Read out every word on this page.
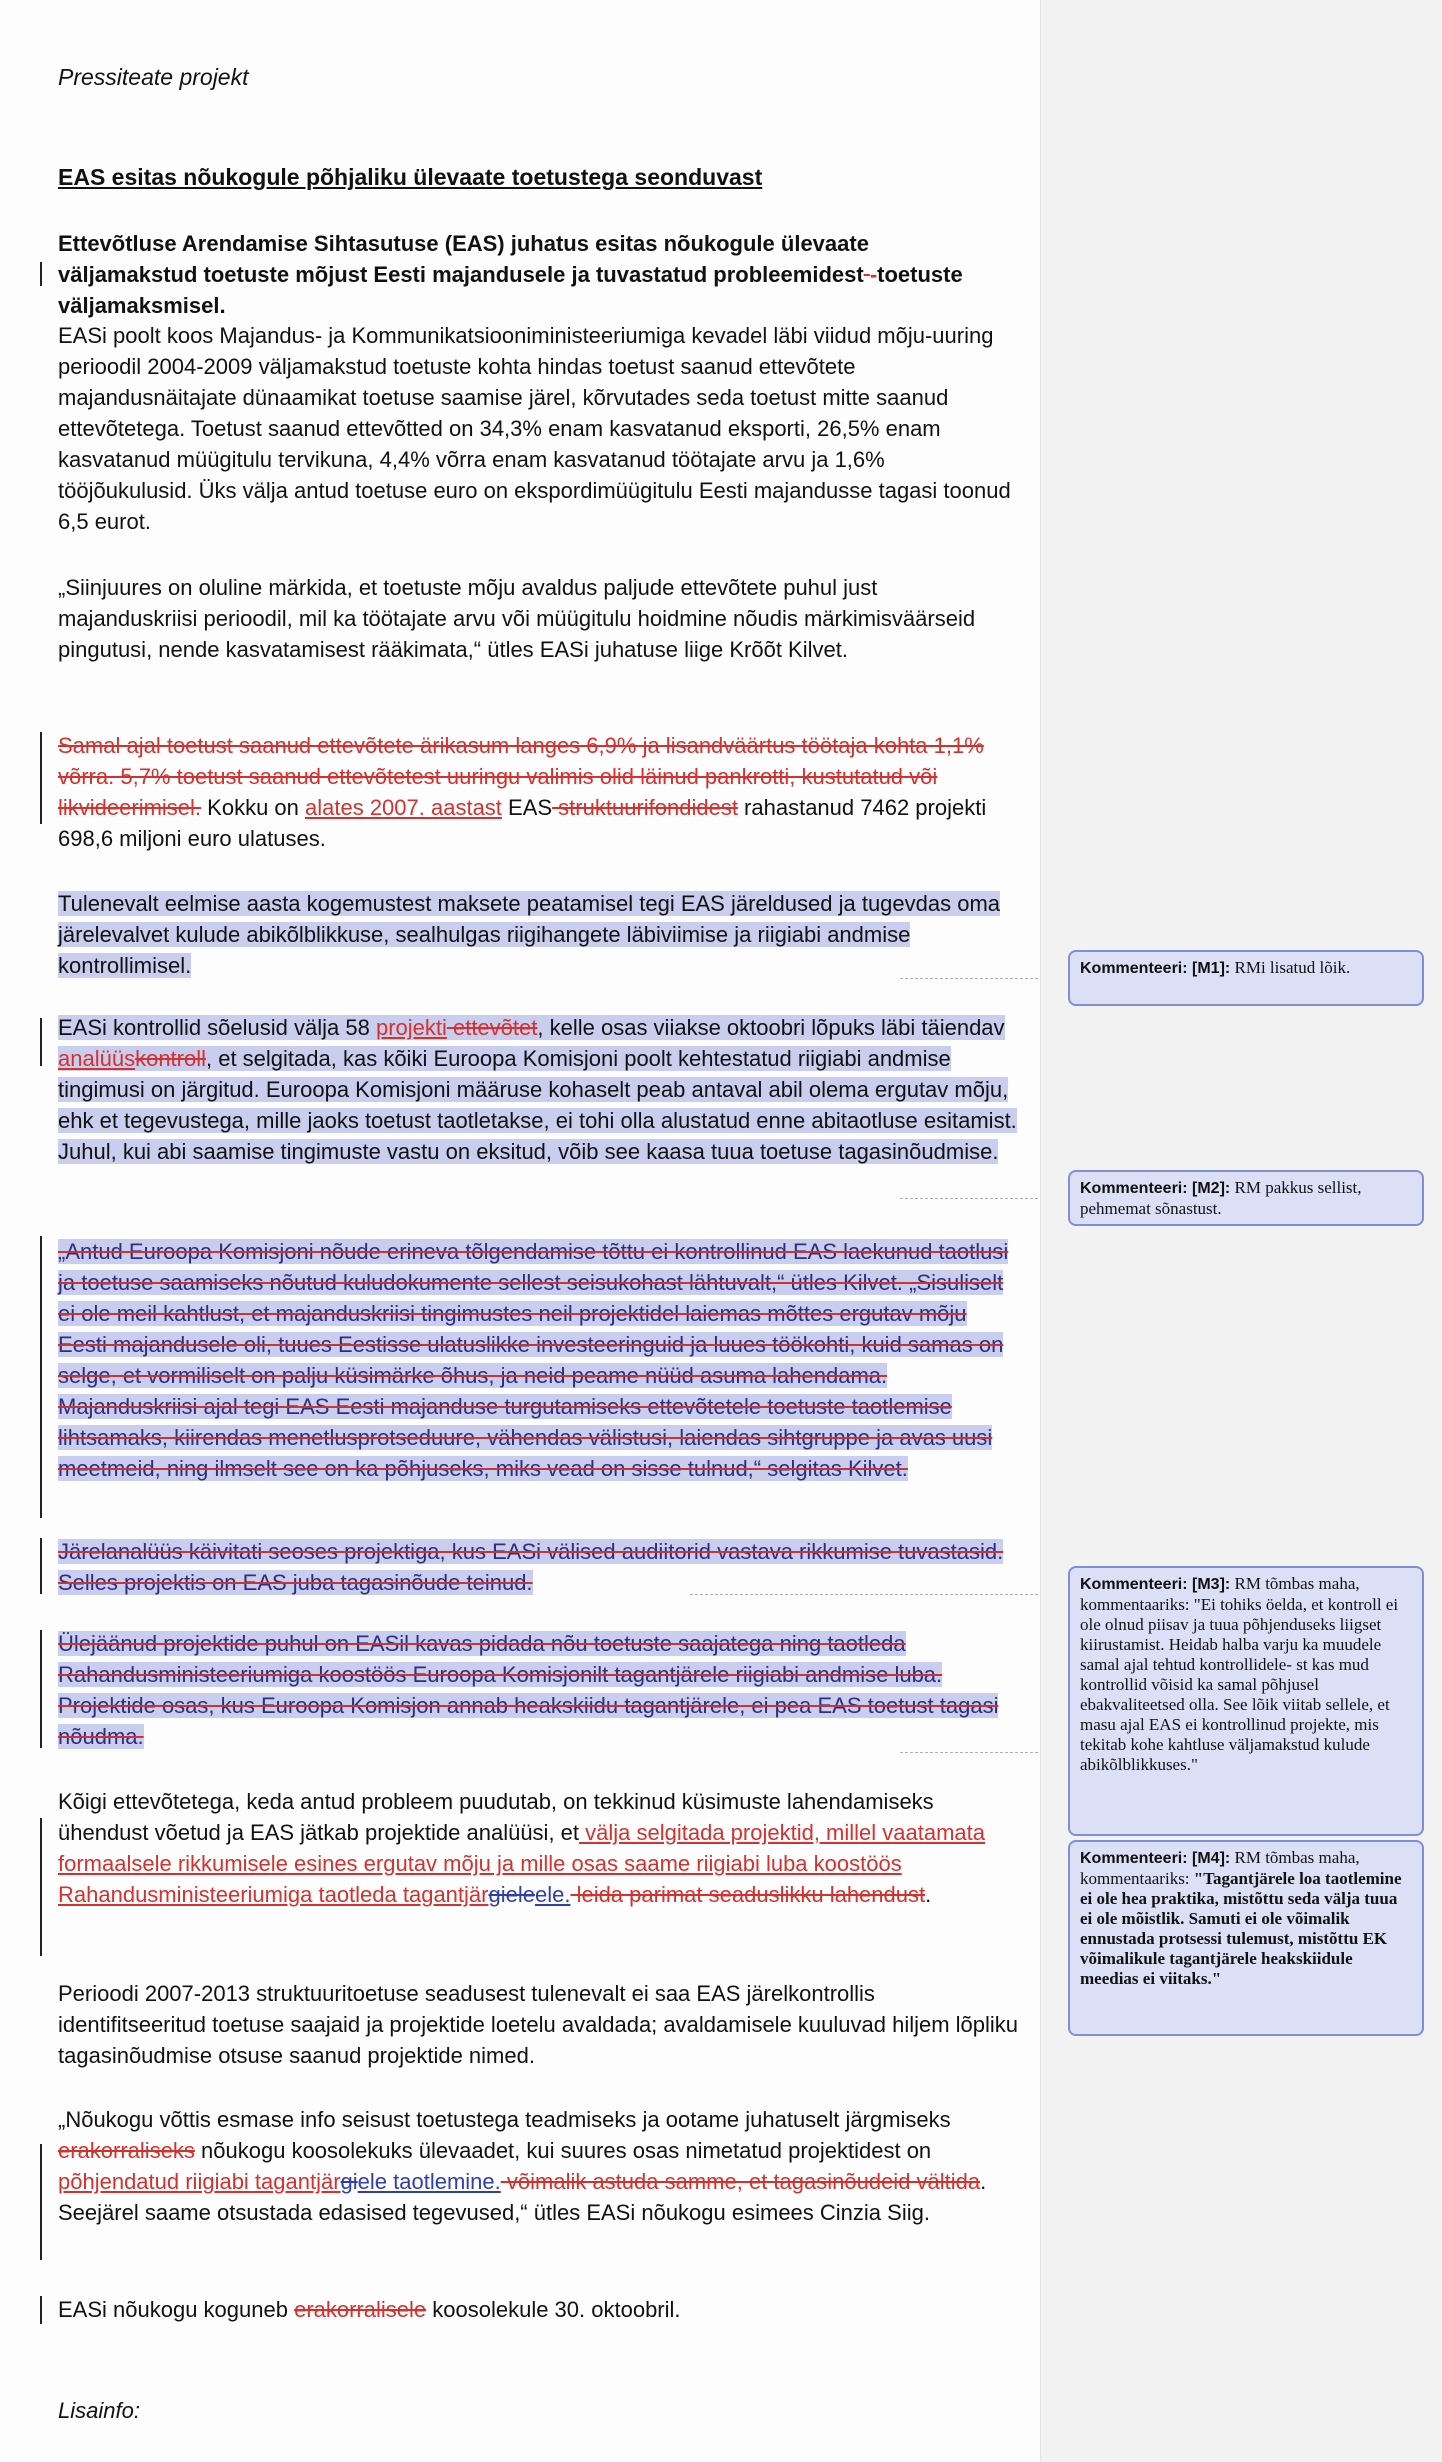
Pressiteate projekt
EAS esitas nõukogule põhjaliku ülevaate toetustega seonduvast
Ettevõtluse Arendamise Sihtasutuse (EAS) juhatus esitas nõukogule ülevaate väljamakstud toetuste mõjust Eesti majandusele ja tuvastatud probleemidest -toetuste väljamaksmisel.
EASi poolt koos Majandus- ja Kommunikatsiooniministeeriumiga kevadel läbi viidud mõju-uuring perioodil 2004-2009 väljamakstud toetuste kohta hindas toetust saanud ettevõtete majandusnäitajate dünaamikat toetuse saamise järel, kõrvutades seda toetust mitte saanud ettevõtetega. Toetust saanud ettevõtted on 34,3% enam kasvatanud eksporti, 26,5% enam kasvatanud müügitulu tervikuna, 4,4% võrra enam kasvatanud töötajate arvu ja 1,6% tööjõukulusid. Üks välja antud toetuse euro on ekspordimüügitulu Eesti majandusse tagasi toonud 6,5 eurot.
„Siinjuures on oluline märkida, et toetuste mõju avaldus paljude ettevõtete puhul just majanduskriisi perioodil, mil ka töötajate arvu või müügitulu hoidmine nõudis märkimisväärseid pingutusi, nende kasvatamisest rääkimata,“ ütles EASi juhatuse liige Krõõt Kilvet.
Samal ajal toetust saanud ettevõtete ärikasum langes 6,9% ja lisandväärtus töötaja kohta 1,1% võrra. 5,7% toetust saanud ettevõtetest uuringu valimis olid läinud pankrotti, kustutatud või likvideerimisel. Kokku on alates 2007. aastast EAS struktuurifondidest rahastanud 7462 projekti 698,6 miljoni euro ulatuses.
Tulenevalt eelmise aasta kogemustest maksete peatamisel tegi EAS järeldused ja tugevdas oma järelevalvet kulude abikõlblikkuse, sealhulgas riigihangete läbiviimise ja riigiabi andmise kontrollimisel.
EASi kontrollid sõelusid välja 58 projekti ettevõtet, kelle osas viiakse oktoobri lõpuks läbi täiendav analüüskontroll, et selgitada, kas kõiki Euroopa Komisjoni poolt kehtestatud riigiabi andmise tingimusi on järgitud. Euroopa Komisjoni määruse kohaselt peab antaval abil olema ergutav mõju, ehk et tegevustega, mille jaoks toetust taotletakse, ei tohi olla alustatud enne abitaotluse esitamist. Juhul, kui abi saamise tingimuste vastu on eksitud, võib see kaasa tuua toetuse tagasinõudmise.
„Antud Euroopa Komisjoni nõude erineva tõlgendamise tõttu ei kontrollinud EAS laekunud taotlusi ja toetuse saamiseks nõutud kuludokumente sellest seisukohast lähtuvalt,“ ütles Kilvet. „Sisuliselt ei ole meil kahtlust, et majanduskriisi tingimustes neil projektidel laiemas mõttes ergutav mõju Eesti majandusele oli, tuues Eestisse ulatuslikke investeeringuid ja luues töökohti, kuid samas on selge, et vormiliselt on palju küsimärke õhus, ja neid peame nüüd asuma lahendama. Majanduskriisi ajal tegi EAS Eesti majanduse turgutamiseks ettevõtetele toetuste taotlemise lihtsamaks, kiirendas menetlusprotseduure, vähendas välistusi, laiendas sihtgruppe ja avas uusi meetmeid, ning ilmselt see on ka põhjuseks, miks vead on sisse tulnud,“ selgitas Kilvet.
Järelanalüüs käivitati seoses projektiga, kus EASi välised audiitorid vastava rikkumise tuvastasid. Selles projektis on EAS juba tagasinõude teinud.
Ülejäänud projektide puhul on EASil kavas pidada nõu toetuste saajatega ning taotleda Rahandusministeeriumiga koostöös Euroopa Komisjonilt tagantjärele riigiabi andmise luba. Projektide osas, kus Euroopa Komisjon annab heakskiidu tagantjärele, ei pea EAS toetust tagasi nõudma.
Kõigi ettevõtetega, keda antud probleem puudutab, on tekkinud küsimuste lahendamiseks ühendust võetud ja EAS jätkab projektide analüüsi, et välja selgitada projektid, millel vaatamata formaalsele rikkumisele esines ergutav mõju ja mille osas saame riigiabi luba koostöös Rahandusministeeriumiga taotleda tagantjärgieleele. leida parimat seaduslikku lahendust.
Perioodi 2007-2013 struktuuritoetuse seadusest tulenevalt ei saa EAS järelkontrollis identifitseeritud toetuse saajaid ja projektide loetelu avaldada; avaldamisele kuuluvad hiljem lõpliku tagasinõudmise otsuse saanud projektide nimed.
„Nõukogu võttis esmase info seisust toetustega teadmiseks ja ootame juhatuselt järgmiseks erakorraliseks nõukogu koosolekuks ülevaadet, kui suures osas nimetatud projektidest on põhjendatud riigiabi tagantjärgiele taotlemine. võimalik astuda samme, et tagasinõudeid vältida. Seejärel saame otsustada edasised tegevused,“ ütles EASi nõukogu esimees Cinzia Siig.
EASi nõukogu koguneb erakorralisele koosolekule 30. oktoobril.
Lisainfo:
Kommenteeri: [M1]: RMi lisatud lõik.
Kommenteeri: [M2]: RM pakkus sellist, pehmemat sõnastust.
Kommenteeri: [M3]: RM tõmbas maha, kommentaariks: "Ei tohiks öelda, et kontroll ei ole olnud piisav ja tuua põhjenduseks liigset kiirustamist. Heidab halba varju ka muudele samal ajal tehtud kontrollidele- st kas mud kontrollid võisid ka samal põhjusel ebakvaliteetsed olla. See lõik viitab sellele, et masu ajal EAS ei kontrollinud projekte, mis tekitab kohe kahtluse väljamakstud kulude abikõlblikkuses."
Kommenteeri: [M4]: RM tõmbas maha, kommentaariks: "Tagantjärele loa taotlemine ei ole hea praktika, mistõttu seda välja tuua ei ole mõistlik. Samuti ei ole võimalik ennustada protsessi tulemust, mistõttu EK võimalikule tagantjärele heakskiidule meedias ei viitaks."
